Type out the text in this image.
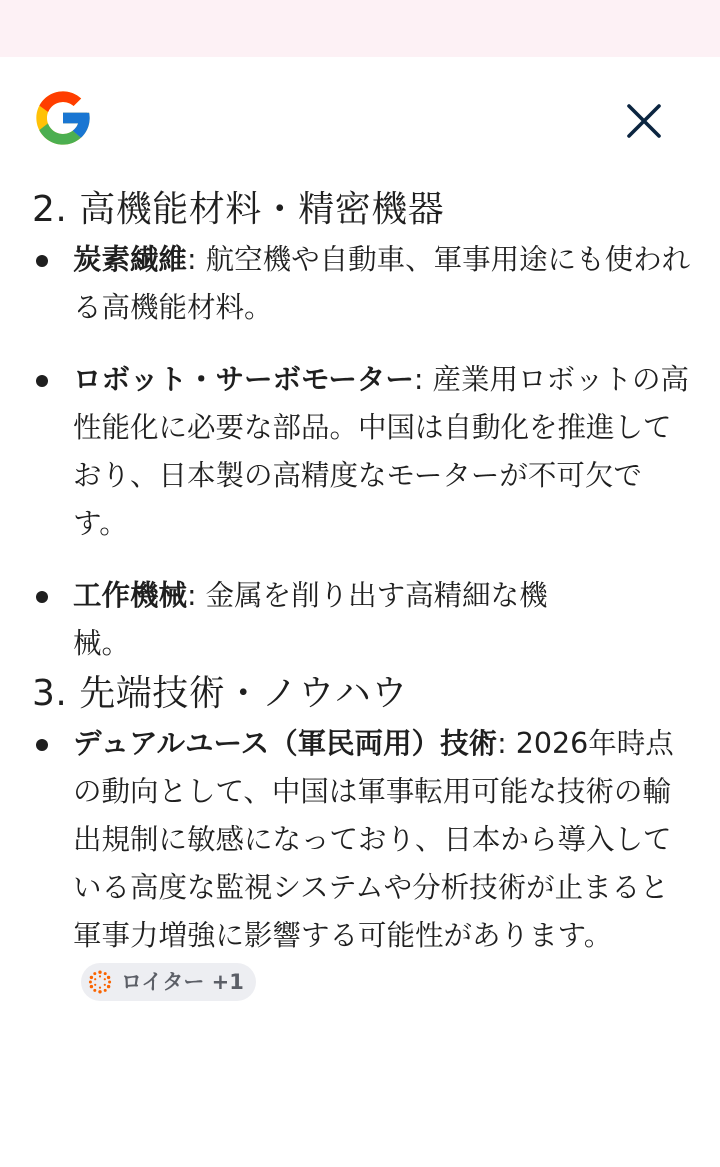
2. 高機能材料・精密機器
炭素繊維: 航空機や自動車、軍事用途にも使われる高機能材料。
ロボット・サーボモーター: 産業用ロボットの高性能化に必要な部品。中国は自動化を推進しており、日本製の高精度なモーターが不可欠です。
工作機械: 金属を削り出す高精細な機械。
3. 先端技術・ノウハウ
デュアルユース（軍民両用）技術: 2026年時点の動向として、中国は軍事転用可能な技術の輸出規制に敏感になっており、日本から導入している高度な監視システムや分析技術が止まると軍事力増強に影響する可能性があります。
ロイター +1
